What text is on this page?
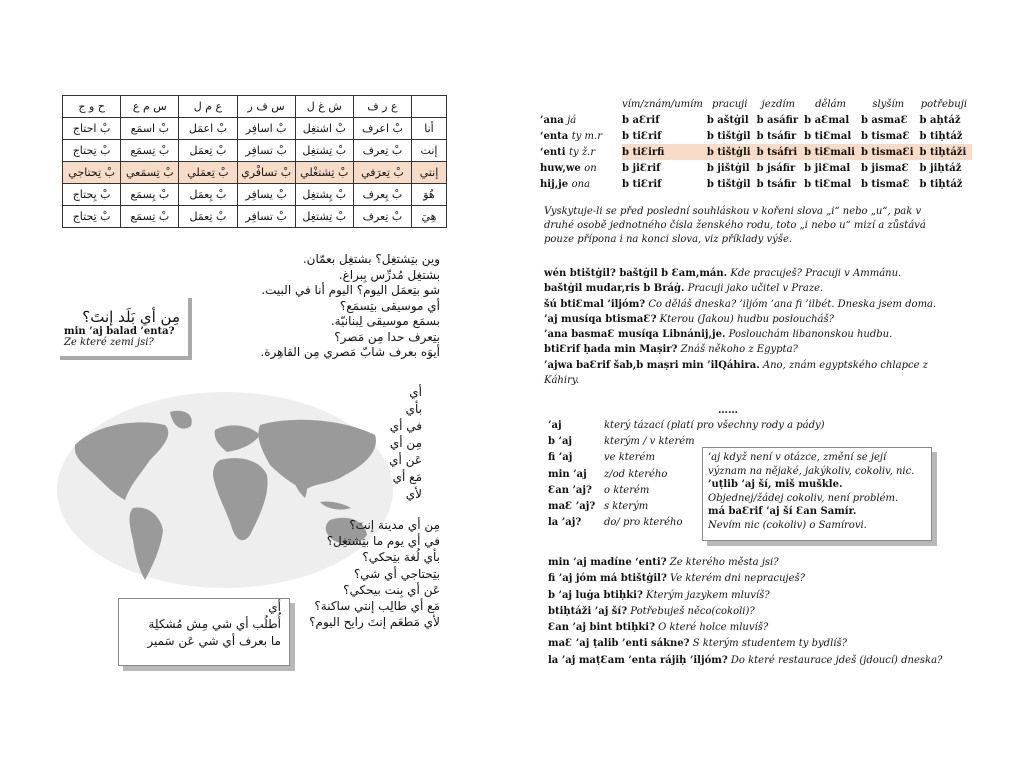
	ع ر ف	ش غ ل	س ف ر	ع م ل	س م ع	ح و ج
أنا	بْ اعرف	بْ اشتغِل	بْ اسافِر	بْ اعمَل	بْ اسمَع	بْ احتاج
إنت	بْ تِعرف	بْ تِشتغِل	بْ تسافِر	بْ تِعمَل	بْ تِسمَع	بْ تِحتاج
إنتي	بْ تِعرَفي	بْ تِشتغْلي	بْ تسافْري	بْ تِعمَلي	بْ تِسمَعي	بْ تِحتاجي
هُوَ	بْ يِعرف	بْ يِشتغِل	بْ يسافِر	بْ يِعمَل	بْ يِسمَع	بْ يِحتاج
هِيَ	بْ تِعرف	بْ تِشتغِل	بْ تسافِر	بْ تِعمَل	بْ تِسمَع	بْ تِحتاج
وين بتِشتغِل؟ بشتغِل بعمّان.
بشتغِل مُدرِّس بِبراغ.
شو بتِعمَل اليوم؟ اليوم أنا في البيت.
أي موسيقى بتِسمَع؟
بسمَع موسيقى لِبنانيّة.
بتِعرف حدا مِن مَصر؟
أيوَه بعرف شابّ مَصري مِن القاهِرة.
مِن أي بَلَد إنتَ؟
min ’aj balad ’enta?
Ze které zemi jsi?
أي
بأي
في أي
مِن أي
عَن أي
مَع أي
لأي
مِن أي مدينة إنتَ؟
في أي يوم ما بتِشتغِل؟
بأي لُغة بتِحكي؟
بتِحتاجي أي شي؟
عَن أي بِنت بيحكي؟
مَع أي طالِب إنتي ساكنة؟
لأي مَطعَم إنتَ رايح اليوم؟
أي
أُطلُب أي شي مِش مُشكلِة
ما بعرف أي شي عَن سَمير
	vím/znám/umím	pracuji	jezdím	dělám	slyším	potřebuji
’ana já	b aƐrif	b aštġil	b asáfir	b aƐmal	b asmaƐ	b aḥtáž
‘enta ty m.r	b tiƐrif	b tištġil	b tsáfir	b tiƐmal	b tismaƐ	b tiḥtáž
‘enti ty ž.r	b tiƐirfi	b tištġli	b tsáfri	b tiƐmali	b tismaƐi	b tiḥtáži
huw,we on	b jiƐrif	b jištġil	b jsáfir	b jiƐmal	b jismaƐ	b jiḥtáž
hij,je ona	b tiƐrif	b tištġil	b tsáfir	b tiƐmal	b tismaƐ	b tiḥtáž
Vyskytuje-li se před poslední souhláskou v kořeni slova „i“ nebo „u“, pak v druhé osobě jednotného čísla ženského rodu, toto „i nebo u“ mizí a zůstává pouze přípona i na konci slova, viz příklady výše.
wén btištġil? baštġil b Ɛam,mán. Kde pracuješ? Pracuji v Ammánu.
baštġil mudar,ris b Bráġ. Pracuji jako učitel v Praze.
šú btiƐmal ’iljóm? Co děláš dneska? ’iljóm ’ana fi ’ilbét. Dneska jsem doma.
’aj musíqa btismaƐ? Kterou (Jakou) hudbu posloucháš?
’ana basmaƐ musíqa Libnánij,je. Poslouchám libanonskou hudbu.
btiƐrif ḥada min Maṣir? Znáš někoho z Egypta?
’ajwa baƐrif šab,b maṣri min ’ilQáhira. Ano, znám egyptského chlapce z Káhiry.
……
’aj	který tázací (platí pro všechny rody a pády)
b ’aj	kterým / v kterém
fi ’aj	ve kterém
min ’aj	z/od kterého
Ɛan ’aj?	o kterém
maƐ ’aj? s kterým
la ’aj?	do/ pro kterého
’aj když není v otázce, změní se její význam na nějaké, jakýkoliv, cokoliv, nic.
’uṭlib ’aj ší, miš muškle.
Objednej/žádej cokoliv, není problém.
má baƐrif ’aj ší Ɛan Samír.
Nevím nic (cokoliv) o Samírovi.
min ’aj madíne ‘enti? Ze kterého města jsi?
fi ’aj jóm má btištġil? Ve kterém dni nepracuješ?
b ’aj luġa btiḥki? Kterým jazykem mluvíš?
btiḥtáži ’aj ší? Potřebuješ něco(cokoli)?
Ɛan ’aj bint btiḥki? O které holce mluvíš?
maƐ ’aj ṭalib ’enti sákne? S kterým studentem ty bydlíš?
la ’aj maṭƐam ’enta rájiḥ ’iljóm? Do které restaurace jdeš (jdoucí) dneska?
